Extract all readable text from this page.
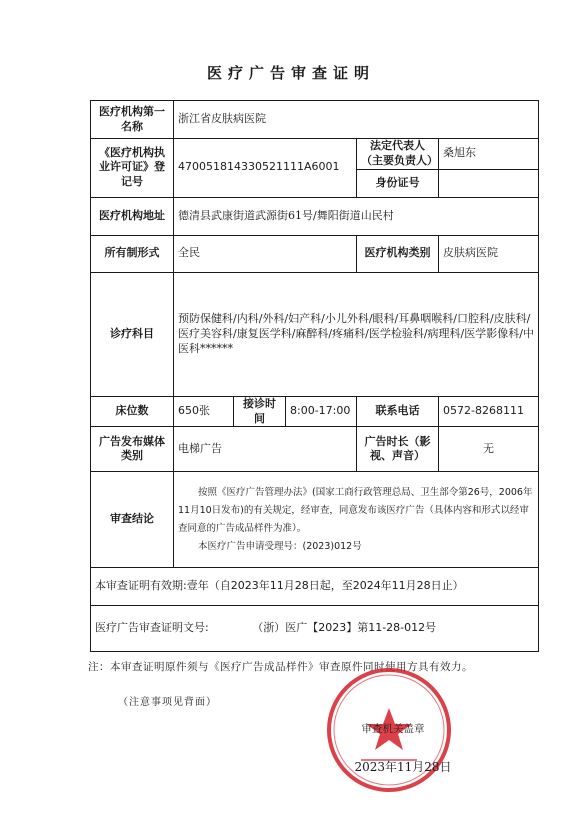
医疗广告审查证明
医疗机构第一名称	浙江省皮肤病医院				
《医疗机构执业许可证》登记号	470051814330521111A6001			法定代表人（主要负责人）	桑旭东
				身份证号	
医疗机构地址	德清县武康街道武源街61号/舞阳街道山民村				
所有制形式	全民			医疗机构类别	皮肤病医院
诊疗科目	预防保健科/内科/外科/妇产科/小儿外科/眼科/耳鼻咽喉科/口腔科/皮肤科/医疗美容科/康复医学科/麻醉科/疼痛科/医学检验科/病理科/医学影像科/中医科******				
床位数	650张	接诊时间	8:00-17:00	联系电话	0572-8268111
广告发布媒体类别	电梯广告			广告时长（影视、声音）	无
审查结论	按照《医疗广告管理办法》(国家工商行政管理总局、卫生部令第26号，2006年11月10日发布)的有关规定，经审查，同意发布该医疗广告（具体内容和形式以经审查同意的广告成品样件为准）。

本医疗广告申请受理号：(2023)012号				

本审查证明有效期:壹年（自2023年11月28日起，至2024年11月28日止）					
医疗广告审查证明文号: （浙）医广【2023】第11-28-012号					
注：本审查证明原件须与《医疗广告成品样件》审查原件同时使用方具有效力。
（注意事项见背面）
审查机关盖章
2023年11月28日
